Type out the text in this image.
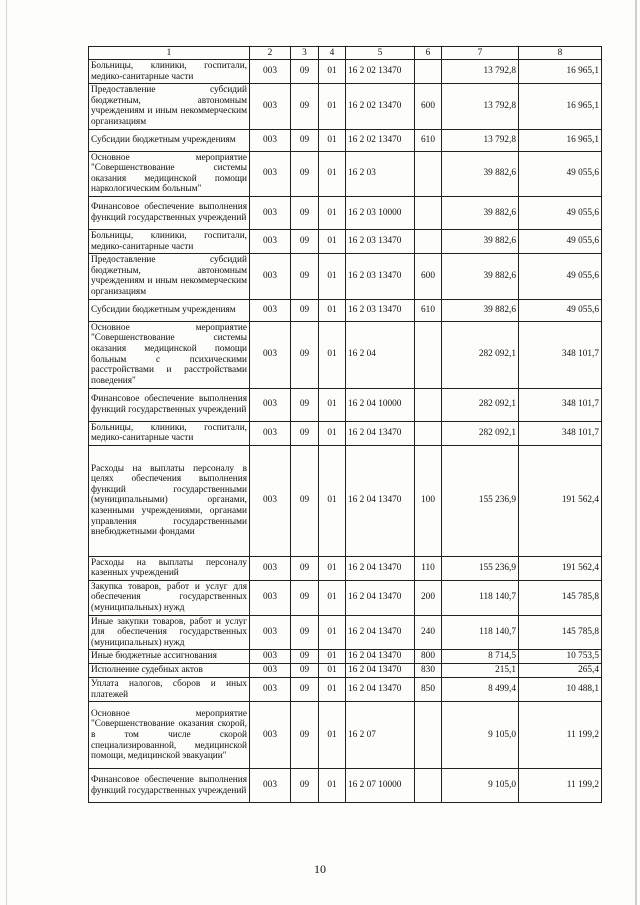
1	2	3	4	5	6	7	8
Больницы, клиники, госпитали, медико-санитарные части	003	09	01	16 2 02 13470		13 792,8	16 965,1
Предоставление субсидий бюджетным, автономным учреждениям и иным некоммерческим организациям	003	09	01	16 2 02 13470	600	13 792,8	16 965,1
Субсидии бюджетным учреждениям	003	09	01	16 2 02 13470	610	13 792,8	16 965,1
Основное мероприятие "Совершенствование системы оказания медицинской помощи наркологическим больным"	003	09	01	16 2 03		39 882,6	49 055,6
Финансовое обеспечение выполнения функций государственных учреждений	003	09	01	16 2 03 10000		39 882,6	49 055,6
Больницы, клиники, госпитали, медико-санитарные части	003	09	01	16 2 03 13470		39 882,6	49 055,6
Предоставление субсидий бюджетным, автономным учреждениям и иным некоммерческим организациям	003	09	01	16 2 03 13470	600	39 882,6	49 055,6
Субсидии бюджетным учреждениям	003	09	01	16 2 03 13470	610	39 882,6	49 055,6
Основное мероприятие "Совершенствование системы оказания медицинской помощи больным с психическими расстройствами и расстройствами поведения"	003	09	01	16 2 04		282 092,1	348 101,7
Финансовое обеспечение выполнения функций государственных учреждений	003	09	01	16 2 04 10000		282 092,1	348 101,7
Больницы, клиники, госпитали, медико-санитарные части	003	09	01	16 2 04 13470		282 092,1	348 101,7
Расходы на выплаты персоналу в целях обеспечения выполнения функций государственными (муниципальными) органами, казенными учреждениями, органами управления государственными внебюджетными фондами	003	09	01	16 2 04 13470	100	155 236,9	191 562,4
Расходы на выплаты персоналу казенных учреждений	003	09	01	16 2 04 13470	110	155 236,9	191 562,4
Закупка товаров, работ и услуг для обеспечения государственных (муниципальных) нужд	003	09	01	16 2 04 13470	200	118 140,7	145 785,8
Иные закупки товаров, работ и услуг для обеспечения государственных (муниципальных) нужд	003	09	01	16 2 04 13470	240	118 140,7	145 785,8
Иные бюджетные ассигнования	003	09	01	16 2 04 13470	800	8 714,5	10 753,5
Исполнение судебных актов	003	09	01	16 2 04 13470	830	215,1	265,4
Уплата налогов, сборов и иных платежей	003	09	01	16 2 04 13470	850	8 499,4	10 488,1
Основное мероприятие "Совершенствование оказания скорой, в том числе скорой специализированной, медицинской помощи, медицинской эвакуации"	003	09	01	16 2 07		9 105,0	11 199,2
Финансовое обеспечение выполнения функций государственных учреждений	003	09	01	16 2 07 10000		9 105,0	11 199,2
10
